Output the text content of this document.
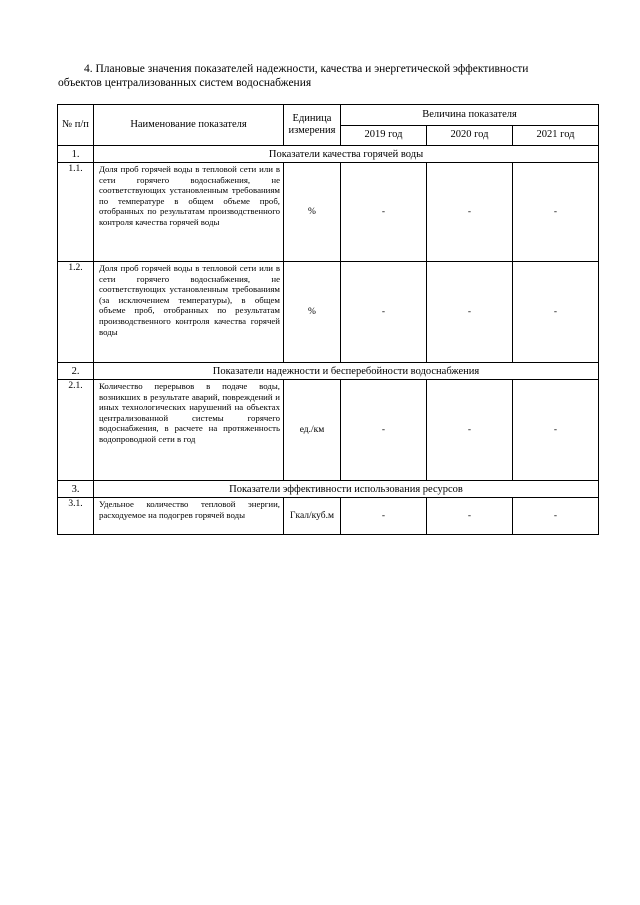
4. Плановые значения показателей надежности, качества и энергетической эффективности
объектов централизованных систем водоснабжения
№ п/п	Наименование показателя	Единица измерения	Величина показателя		
			2019 год	2020 год	2021 год
1.	Показатели качества горячей воды				
1.1.	Доля проб горячей воды в тепловой сети или в сети горячего водоснабжения, не соответствующих установленным требованиям по температуре в общем объеме проб, отобранных по результатам производственного контроля качества горячей воды	%	-	-	-
1.2.	Доля проб горячей воды в тепловой сети или в сети горячего водоснабжения, не соответствующих установленным требованиям (за исключением температуры), в общем объеме проб, отобранных по результатам производственного контроля качества горячей воды	%	-	-	-
2.	Показатели надежности и бесперебойности водоснабжения				
2.1.	Количество перерывов в подаче воды, возникших в результате аварий, повреждений и иных технологических нарушений на объектах централизованной системы горячего водоснабжения, в расчете на протяженность водопроводной сети в год	ед./км	-	-	-
3.	Показатели эффективности использования ресурсов				
3.1.	Удельное количество тепловой энергии, расходуемое на подогрев горячей воды	Гкал/куб.м	-	-	-
